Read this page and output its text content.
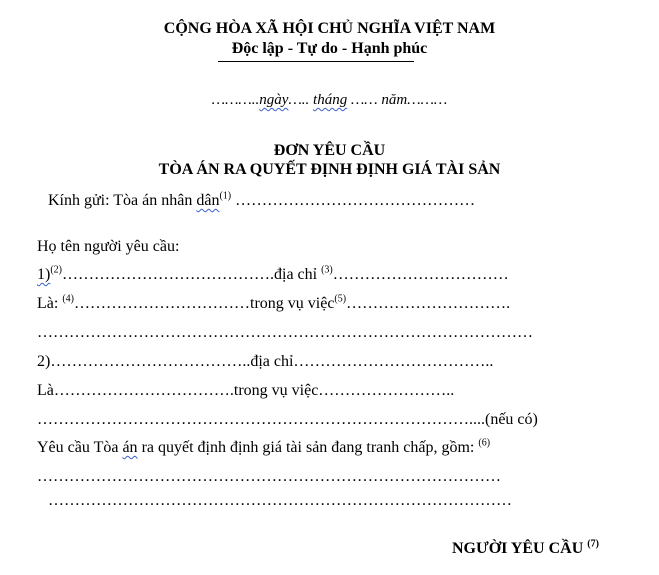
CỘNG HÒA XÃ HỘI CHỦ NGHĨA VIỆT NAM
Độc lập - Tự do - Hạnh phúc
………..ngày….. tháng …… năm………
ĐƠN YÊU CẦU
TÒA ÁN RA QUYẾT ĐỊNH ĐỊNH GIÁ TÀI SẢN
Kính gửi: Tòa án nhân dân$^{(1)}$ ………………………………………
Họ tên người yêu cầu:
1)$^{(2)}$………………………………….địa chỉ $^{(3)}$……………………………
Là: $^{(4)}$……………………………trong vụ việc$^{(5)}$………………………….
…………………………………………………………………………………
2)………………………………..địa chỉ………………………………..
Là…………………………….trong vụ việc……………………..
………………………………………………………………………....(nếu có)
Yêu cầu Tòa án ra quyết định định giá tài sản đang tranh chấp, gồm: $^{(6)}$
……………………………………………………………………………
……………………………………………………………………………
NGƯỜI YÊU CẦU $^{(7)}$
